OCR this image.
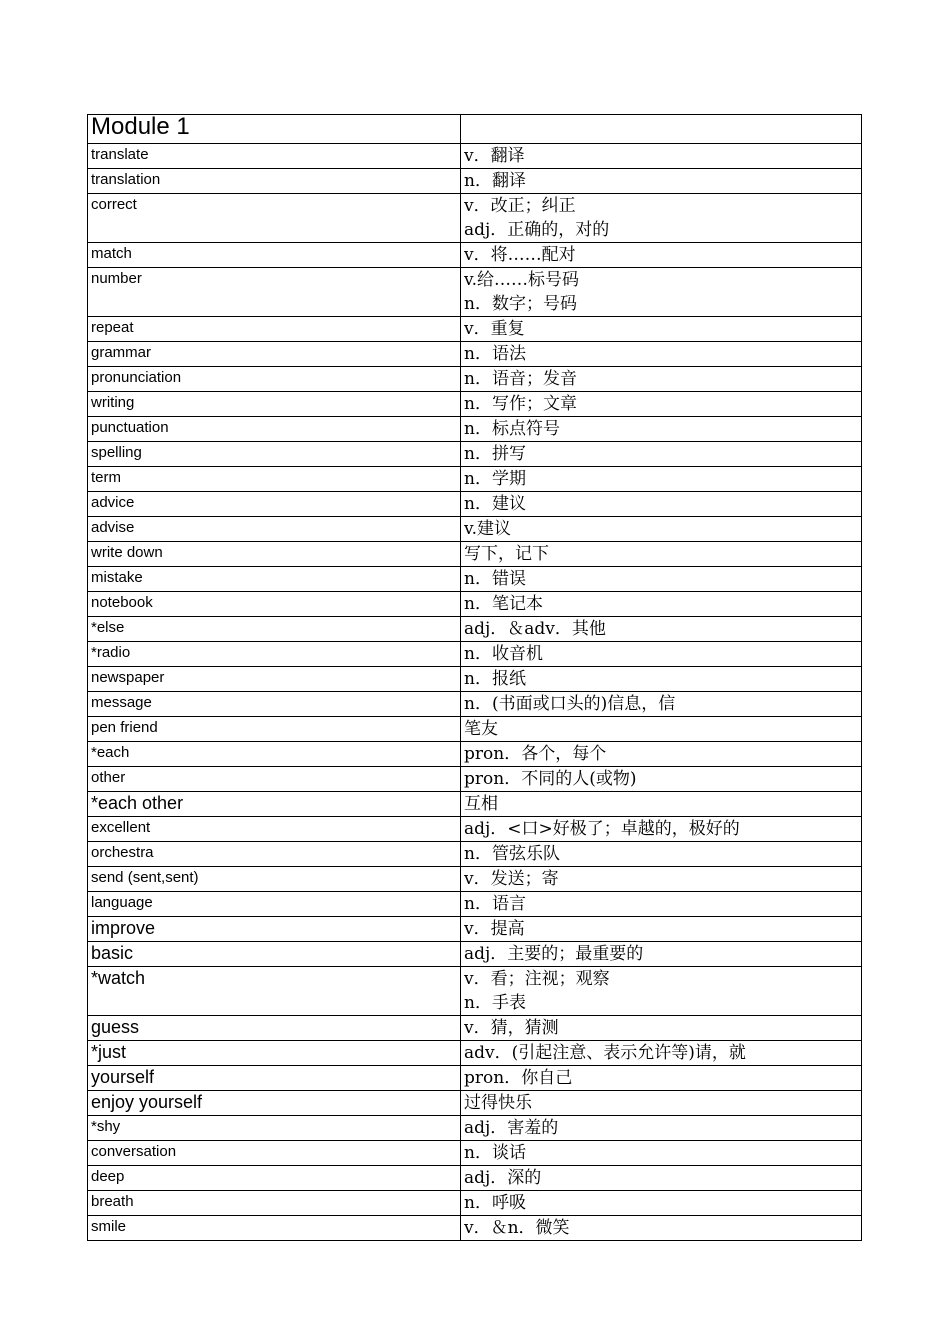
Module 1	
translate	v．翻译

translation	n．翻译

correct	v．改正；纠正
adj．正确的，对的

match	v．将……配对

number	v.给……标号码
n．数字；号码

repeat	v．重复

grammar	n．语法

pronunciation	n．语音；发音

writing	n．写作；文章

punctuation	n．标点符号

spelling	n．拼写

term	n．学期

advice	n．建议

advise	v.建议

write down	写下，记下

mistake	n．错误

notebook	n．笔记本

*else	adj．＆adv．其他

*radio	n．收音机

newspaper	n．报纸

message	n．(书面或口头的)信息，信

pen friend	笔友

*each	pron．各个，每个

other	pron．不同的人(或物)

*each other	互相

excellent	adj．<口>好极了；卓越的，极好的

orchestra	n．管弦乐队

send (sent,sent)	v．发送；寄

language	n．语言

improve	v．提高

basic	adj．主要的；最重要的

*watch	v．看；注视；观察
n．手表

guess	v．猜，猜测

*just	adv．(引起注意、表示允许等)请，就

yourself	pron．你自己

enjoy yourself	过得快乐

*shy	adj．害羞的

conversation	n．谈话

deep	adj．深的

breath	n．呼吸

smile	v．＆n．微笑
